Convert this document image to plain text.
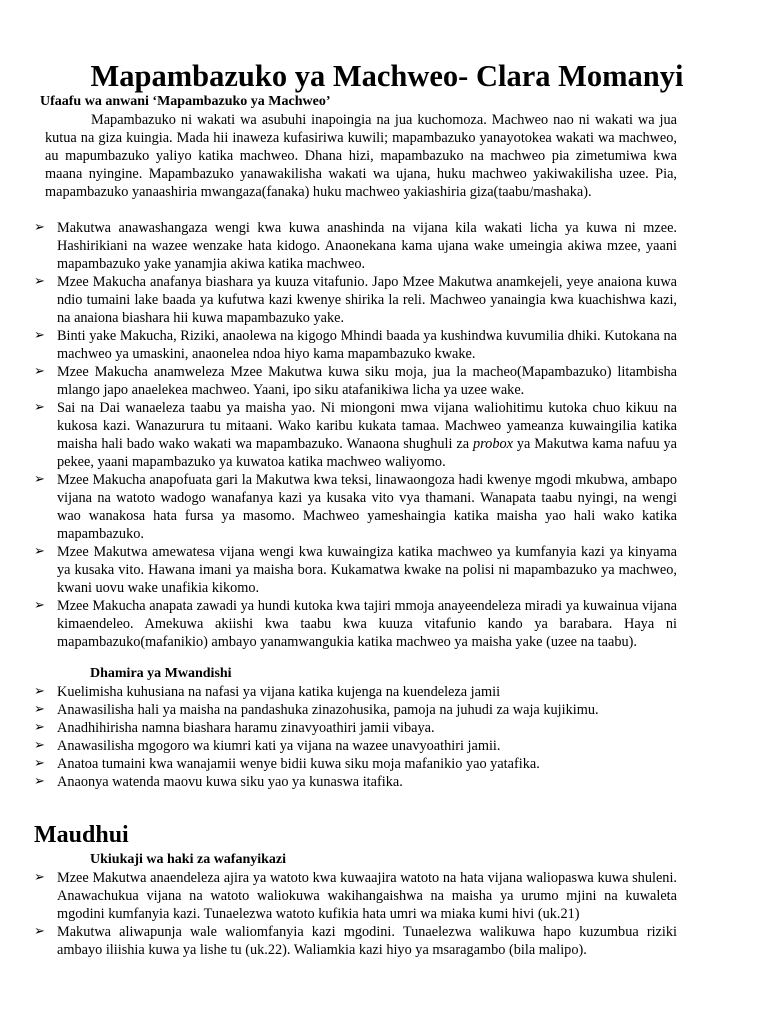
Mapambazuko ya Machweo- Clara Momanyi
Ufaafu wa anwani ‘Mapambazuko ya Machweo’

Mapambazuko ni wakati wa asubuhi inapoingia na jua kuchomoza. Machweo nao ni wakati wa jua kutua na giza kuingia. Mada hii inaweza kufasiriwa kuwili; mapambazuko yanayotokea wakati wa machweo, au mapumbazuko yaliyo katika machweo. Dhana hizi, mapambazuko na machweo pia zimetumiwa kwa maana nyingine. Mapambazuko yanawakilisha wakati wa ujana, huku machweo yakiwakilisha uzee. Pia, mapambazuko yanaashiria mwangaza(fanaka) huku machweo yakiashiria giza(taabu/mashaka).

➢ Makutwa anawashangaza wengi kwa kuwa anashinda na vijana kila wakati licha ya kuwa ni mzee. Hashirikiani na wazee wenzake hata kidogo. Anaonekana kama ujana wake umeingia akiwa mzee, yaani mapambazuko yake yanamjia akiwa katika machweo.
➢ Mzee Makucha anafanya biashara ya kuuza vitafunio. Japo Mzee Makutwa anamkejeli, yeye anaiona kuwa ndio tumaini lake baada ya kufutwa kazi kwenye shirika la reli. Machweo yanaingia kwa kuachishwa kazi, na anaiona biashara hii kuwa mapambazuko yake.
➢ Binti yake Makucha, Riziki, anaolewa na kigogo Mhindi baada ya kushindwa kuvumilia dhiki. Kutokana na machweo ya umaskini, anaonelea ndoa hiyo kama mapambazuko kwake.
➢ Mzee Makucha anamweleza Mzee Makutwa kuwa siku moja, jua la macheo(Mapambazuko) litambisha mlango japo anaelekea machweo. Yaani, ipo siku atafanikiwa licha ya uzee wake.
➢ Sai na Dai wanaeleza taabu ya maisha yao. Ni miongoni mwa vijana waliohitimu kutoka chuo kikuu na kukosa kazi. Wanazurura tu mitaani. Wako karibu kukata tamaa. Machweo yameanza kuwaingilia katika maisha hali bado wako wakati wa mapambazuko. Wanaona shughuli za probox ya Makutwa kama nafuu ya pekee, yaani mapambazuko ya kuwatoa katika machweo waliyomo.
➢ Mzee Makucha anapofuata gari la Makutwa kwa teksi, linawaongoza hadi kwenye mgodi mkubwa, ambapo vijana na watoto wadogo wanafanya kazi ya kusaka vito vya thamani. Wanapata taabu nyingi, na wengi wao wanakosa hata fursa ya masomo. Machweo yameshaingia katika maisha yao hali wako katika mapambazuko.
➢ Mzee Makutwa amewatesa vijana wengi kwa kuwaingiza katika machweo ya kumfanyia kazi ya kinyama ya kusaka vito. Hawana imani ya maisha bora. Kukamatwa kwake na polisi ni mapambazuko ya machweo, kwani uovu wake unafikia kikomo.
➢ Mzee Makucha anapata zawadi ya hundi kutoka kwa tajiri mmoja anayeendeleza miradi ya kuwainua vijana kimaendeleo. Amekuwa akiishi kwa taabu kwa kuuza vitafunio kando ya barabara. Haya ni mapambazuko(mafanikio) ambayo yanamwangukia katika machweo ya maisha yake (uzee na taabu).
Dhamira ya Mwandishi
➢ Kuelimisha kuhusiana na nafasi ya vijana katika kujenga na kuendeleza jamii
➢ Anawasilisha hali ya maisha na pandashuka zinazohusika, pamoja na juhudi za waja kujikimu.
➢ Anadhihirisha namna biashara haramu zinavyoathiri jamii vibaya.
➢ Anawasilisha mgogoro wa kiumri kati ya vijana na wazee unavyoathiri jamii.
➢ Anatoa tumaini kwa wanajamii wenye bidii kuwa siku moja mafanikio yao yatafika.
➢ Anaonya watenda maovu kuwa siku yao ya kunaswa itafika.
Maudhui
Ukiukaji wa haki za wafanyikazi
➢ Mzee Makutwa anaendeleza ajira ya watoto kwa kuwaajira watoto na hata vijana waliopaswa kuwa shuleni. Anawachukua vijana na watoto waliokuwa wakihangaishwa na maisha ya urumo mjini na kuwaleta mgodini kumfanyia kazi. Tunaelezwa watoto kufikia hata umri wa miaka kumi hivi (uk.21)
➢ Makutwa aliwapunja wale waliomfanyia kazi mgodini. Tunaelezwa walikuwa hapo kuzumbua riziki ambayo iliishia kuwa ya lishe tu (uk.22). Waliamkia kazi hiyo ya msaragambo (bila malipo).
